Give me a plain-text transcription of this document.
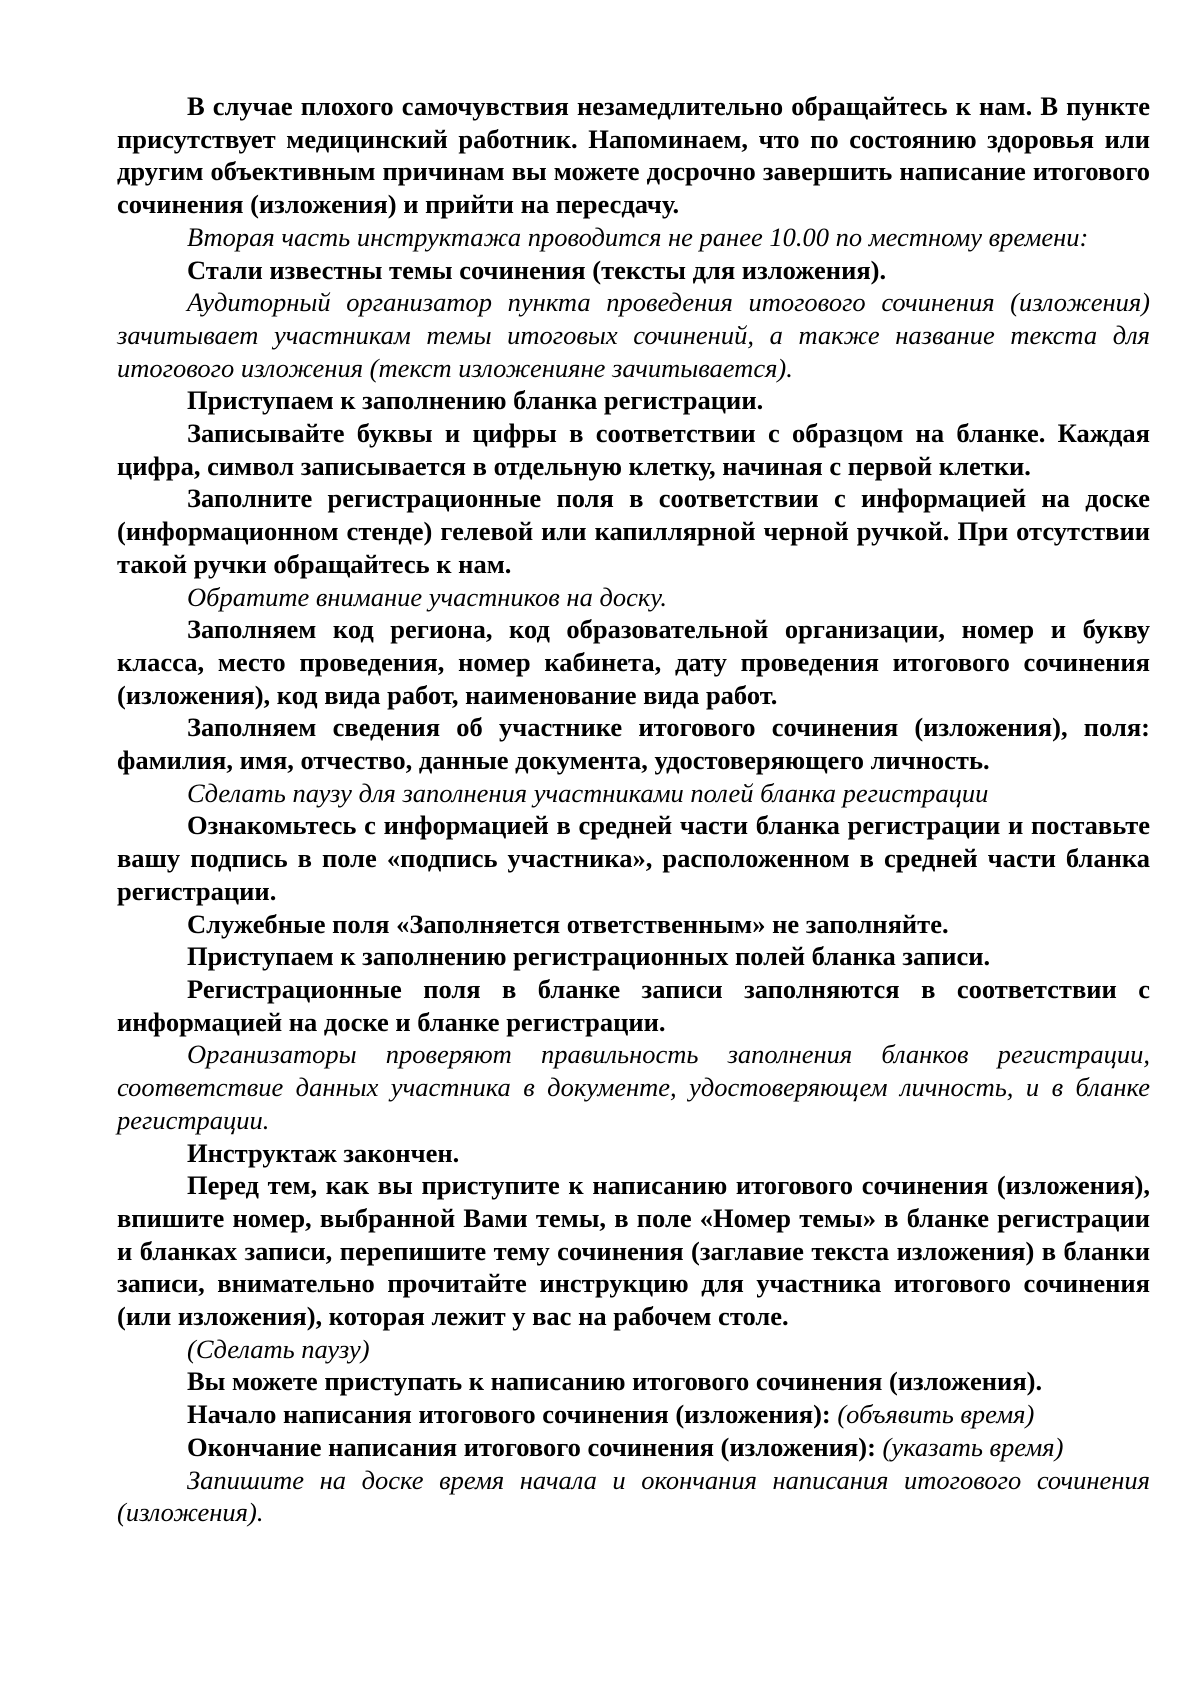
В случае плохого самочувствия незамедлительно обращайтесь к нам. В пункте присутствует медицинский работник. Напоминаем, что по состоянию здоровья или другим объективным причинам вы можете досрочно завершить написание итогового сочинения (изложения) и прийти на пересдачу.

Вторая часть инструктажа проводится не ранее 10.00 по местному времени:

Стали известны темы сочинения (тексты для изложения).

Аудиторный организатор пункта проведения итогового сочинения (изложения) зачитывает участникам темы итоговых сочинений, а также название текста для итогового изложения (текст изложенияне зачитывается).

Приступаем к заполнению бланка регистрации.

Записывайте буквы и цифры в соответствии с образцом на бланке. Каждая цифра, символ записывается в отдельную клетку, начиная с первой клетки.

Заполните регистрационные поля в соответствии с информацией на доске (информационном стенде) гелевой или капиллярной черной ручкой. При отсутствии такой ручки обращайтесь к нам.

Обратите внимание участников на доску.

Заполняем код региона, код образовательной организации, номер и букву класса, место проведения, номер кабинета, дату проведения итогового сочинения (изложения), код вида работ, наименование вида работ.

Заполняем сведения об участнике итогового сочинения (изложения), поля: фамилия, имя, отчество, данные документа, удостоверяющего личность.

Сделать паузу для заполнения участниками полей бланка регистрации

Ознакомьтесь с информацией в средней части бланка регистрации и поставьте вашу подпись в поле «подпись участника», расположенном в средней части бланка регистрации.

Служебные поля «Заполняется ответственным» не заполняйте.

Приступаем к заполнению регистрационных полей бланка записи.

Регистрационные поля в бланке записи заполняются в соответствии с информацией на доске и бланке регистрации.

Организаторы проверяют правильность заполнения бланков регистрации, соответствие данных участника в документе, удостоверяющем личность, и в бланке регистрации.

Инструктаж закончен.

Перед тем, как вы приступите к написанию итогового сочинения (изложения), впишите номер, выбранной Вами темы, в поле «Номер темы» в бланке регистрации и бланках записи, перепишите тему сочинения (заглавие текста изложения) в бланки записи, внимательно прочитайте инструкцию для участника итогового сочинения (или изложения), которая лежит у вас на рабочем столе.

(Сделать паузу)

Вы можете приступать к написанию итогового сочинения (изложения).

Начало написания итогового сочинения (изложения): (объявить время)

Окончание написания итогового сочинения (изложения): (указать время)

Запишите на доске время начала и окончания написания итогового сочинения (изложения).
